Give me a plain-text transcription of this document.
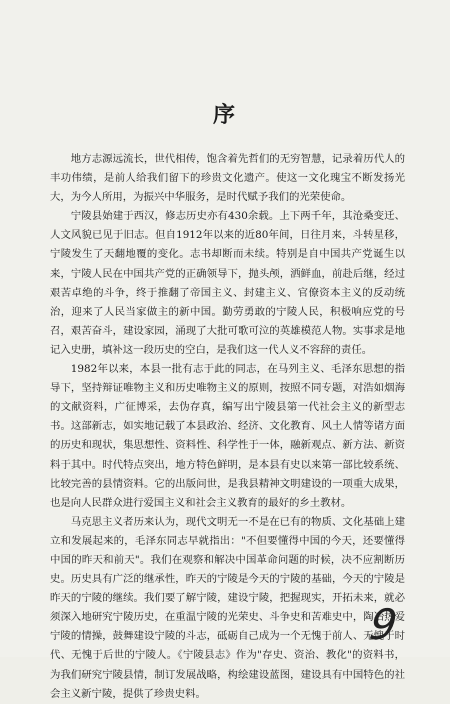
序

地方志源远流长，世代相传，饱含着先哲们的无穷智慧，记录着历代人的丰功伟绩，是前人给我们留下的珍贵文化遗产。使这一文化瑰宝不断发扬光大，为今人所用，为振兴中华服务，是时代赋予我们的光荣使命。

宁陵县始建于西汉，修志历史亦有430余载。上下两千年，其沧桑变迁、人文风貌已见于旧志。但自1912年以来的近80年间，日往月来，斗转星移，宁陵发生了天翻地覆的变化。志书却断而未续。特别是自中国共产党诞生以来，宁陵人民在中国共产党的正确领导下，抛头颅，洒鲜血，前赴后继，经过艰苦卓绝的斗争，终于推翻了帝国主义、封建主义、官僚资本主义的反动统治，迎来了人民当家做主的新中国。勤劳勇敢的宁陵人民，积极响应党的号召，艰苦奋斗，建设家园，涌现了大批可歌可泣的英雄模范人物。实事求是地记入史册，填补这一段历史的空白，是我们这一代人义不容辞的责任。

1982年以来，本县一批有志于此的同志，在马列主义、毛泽东思想的指导下，坚持辩证唯物主义和历史唯物主义的原则，按照不同专题，对浩如烟海的文献资料，广征博采，去伪存真，编写出宁陵县第一代社会主义的新型志书。这部新志，如实地记载了本县政治、经济、文化教育、风土人情等诸方面的历史和现状，集思想性、资料性、科学性于一体，融新观点、新方法、新资料于其中。时代特点突出，地方特色鲜明，是本县有史以来第一部比较系统、比较完善的县情资料。它的出版问世，是我县精神文明建设的一项重大成果，也是向人民群众进行爱国主义和社会主义教育的最好的乡土教材。

马克思主义者历来认为，现代文明无一不是在已有的物质、文化基础上建立和发展起来的，毛泽东同志早就指出："不但要懂得中国的今天，还要懂得中国的昨天和前天"。我们在观察和解决中国革命问题的时候，决不应割断历史。历史具有广泛的继承性，昨天的宁陵是今天的宁陵的基础，今天的宁陵是昨天的宁陵的继续。我们要了解宁陵，建设宁陵，把握现实，开拓未来，就必须深入地研究宁陵历史，在重温宁陵的光荣史、斗争史和苦难史中，陶冶热爱宁陵的情操，鼓舞建设宁陵的斗志，砥砺自己成为一个无愧于前人、无愧于时代、无愧于后世的宁陵人。《宁陵县志》作为"存史、资治、教化"的资料书，为我们研究宁陵县情，制订发展战略，构绘建设蓝图，建设具有中国特色的社会主义新宁陵，提供了珍贵史料。

9
